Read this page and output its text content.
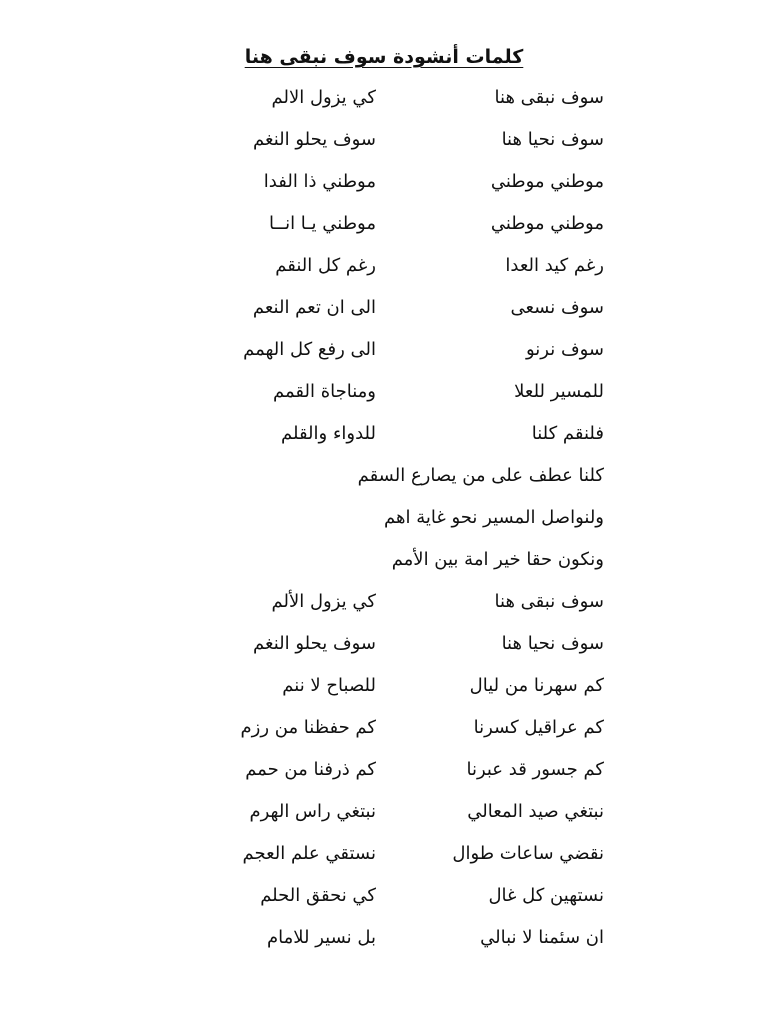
كلمات أنشودة سوف نبقى هنا
سوف نبقى هنا
كي يزول الالم
سوف نحيا هنا
سوف يحلو النغم
موطني موطني
موطني ذا الفدا
موطني موطني
موطني يـا انــا
رغم كيد العدا
رغم كل النقم
سوف نسعى
الى ان تعم النعم
سوف نرنو
الى رفع كل الهمم
للمسير للعلا
ومناجاة القمم
فلنقم كلنا
للدواء والقلم
كلنا عطف على من يصارع السقم
ولنواصل المسير نحو غاية اهم
ونكون حقا خير امة بين الأمم
سوف نبقى هنا
كي يزول الألم
سوف نحيا هنا
سوف يحلو النغم
كم سهرنا من ليال
للصباح لا ننم
كم عراقيل كسرنا
كم حفظنا من رزم
كم جسور قد عبرنا
كم ذرفنا من حمم
نبتغي صيد المعالي
نبتغي راس الهرم
نقضي ساعات طوال
نستقي علم العجم
نستهين كل غال
كي نحقق الحلم
ان سئمنا لا نبالي
بل نسير للامام
